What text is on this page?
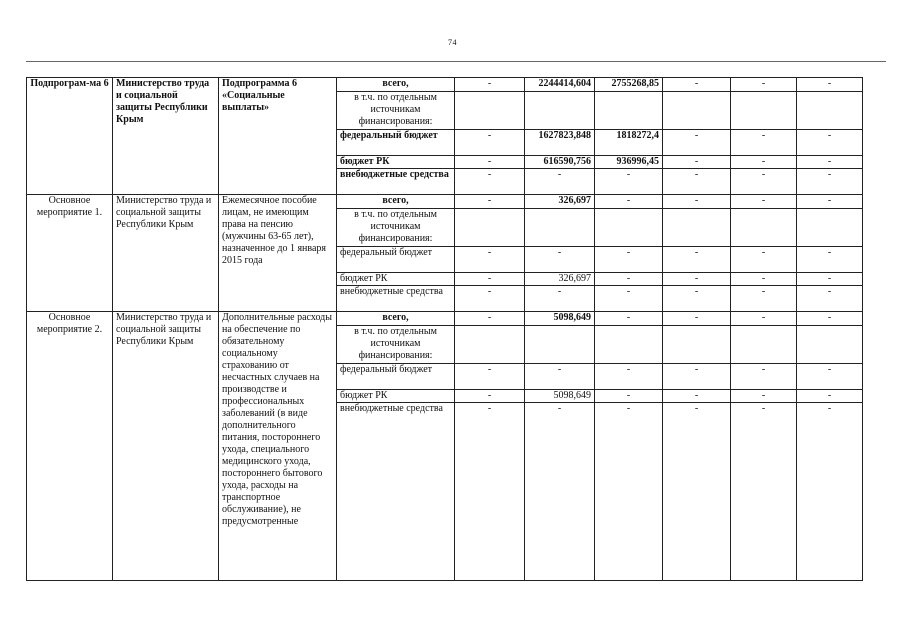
74
Подпрограм-ма 6	Министерство труда и социальной защиты Республики Крым	Подпрограмма 6 «Социальные выплаты»	всего,	-	2244414,604	2755268,85	-	-	-
			в т.ч. по отдельным источникам финансирования:						
			федеральный бюджет	-	1627823,848	1818272,4	-	-	-
			бюджет РК	-	616590,756	936996,45	-	-	-
			внебюджетные средства	-	-	-	-	-	-
Основное мероприятие 1.	Министерство труда и социальной защиты Республики Крым	Ежемесячное пособие лицам, не имеющим права на пенсию (мужчины 63-65 лет), назначенное до 1 января 2015 года	всего,	-	326,697	-	-	-	-
			в т.ч. по отдельным источникам финансирования:						
			федеральный бюджет	-	-	-	-	-	-
			бюджет РК	-	326,697	-	-	-	-
			внебюджетные средства	-	-	-	-	-	-
Основное мероприятие 2.	Министерство труда и социальной защиты Республики Крым	Дополнительные расходы на обеспечение по обязательному социальному страхованию от несчастных случаев на производстве и профессиональных заболеваний (в виде дополнительного питания, постороннего ухода, специального медицинского ухода, постороннего бытового ухода, расходы на транспортное обслуживание), не предусмотренные	всего,	-	5098,649	-	-	-	-
			в т.ч. по отдельным источникам финансирования:						
			федеральный бюджет	-	-	-	-	-	-
			бюджет РК	-	5098,649	-	-	-	-
			внебюджетные средства	-	-	-	-	-	-
